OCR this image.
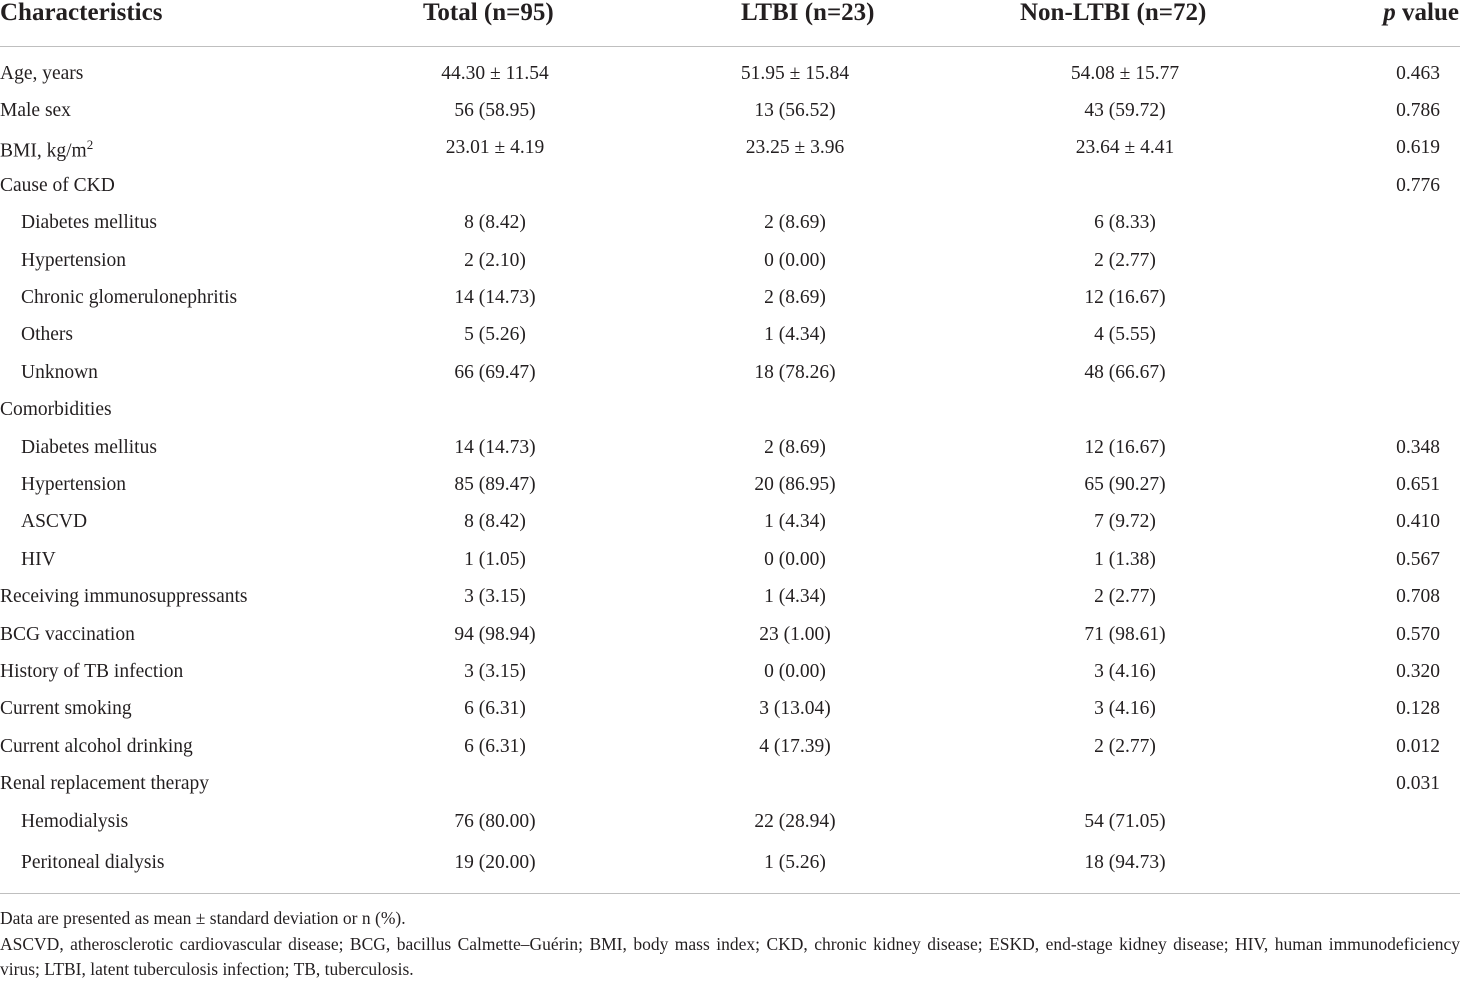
Characteristics	Total (n=95)	LTBI (n=23)	Non-LTBI (n=72)	p value
Age, years	44.30 ± 11.54	51.95 ± 15.84	54.08 ± 15.77	0.463
Male sex	56 (58.95)	13 (56.52)	43 (59.72)	0.786
BMI, $kg/m^2$	23.01 ± 4.19	23.25 ± 3.96	23.64 ± 4.41	0.619
Cause of CKD				0.776
Diabetes mellitus	8 (8.42)	2 (8.69)	6 (8.33)	
Hypertension	2 (2.10)	0 (0.00)	2 (2.77)	
Chronic glomerulonephritis	14 (14.73)	2 (8.69)	12 (16.67)	
Others	5 (5.26)	1 (4.34)	4 (5.55)	
Unknown	66 (69.47)	18 (78.26)	48 (66.67)	
Comorbidities				
Diabetes mellitus	14 (14.73)	2 (8.69)	12 (16.67)	0.348
Hypertension	85 (89.47)	20 (86.95)	65 (90.27)	0.651
ASCVD	8 (8.42)	1 (4.34)	7 (9.72)	0.410
HIV	1 (1.05)	0 (0.00)	1 (1.38)	0.567
Receiving immunosuppressants	3 (3.15)	1 (4.34)	2 (2.77)	0.708
BCG vaccination	94 (98.94)	23 (1.00)	71 (98.61)	0.570
History of TB infection	3 (3.15)	0 (0.00)	3 (4.16)	0.320
Current smoking	6 (6.31)	3 (13.04)	3 (4.16)	0.128
Current alcohol drinking	6 (6.31)	4 (17.39)	2 (2.77)	0.012
Renal replacement therapy				0.031
Hemodialysis	76 (80.00)	22 (28.94)	54 (71.05)	
Peritoneal dialysis	19 (20.00)	1 (5.26)	18 (94.73)	

Data are presented as mean ± standard deviation or n (%).

ASCVD, atherosclerotic cardiovascular disease; BCG, bacillus Calmette–Guérin; BMI, body mass index; CKD, chronic kidney disease; ESKD, end-stage kidney disease; HIV, human immunodeficiency virus; LTBI, latent tuberculosis infection; TB, tuberculosis.
